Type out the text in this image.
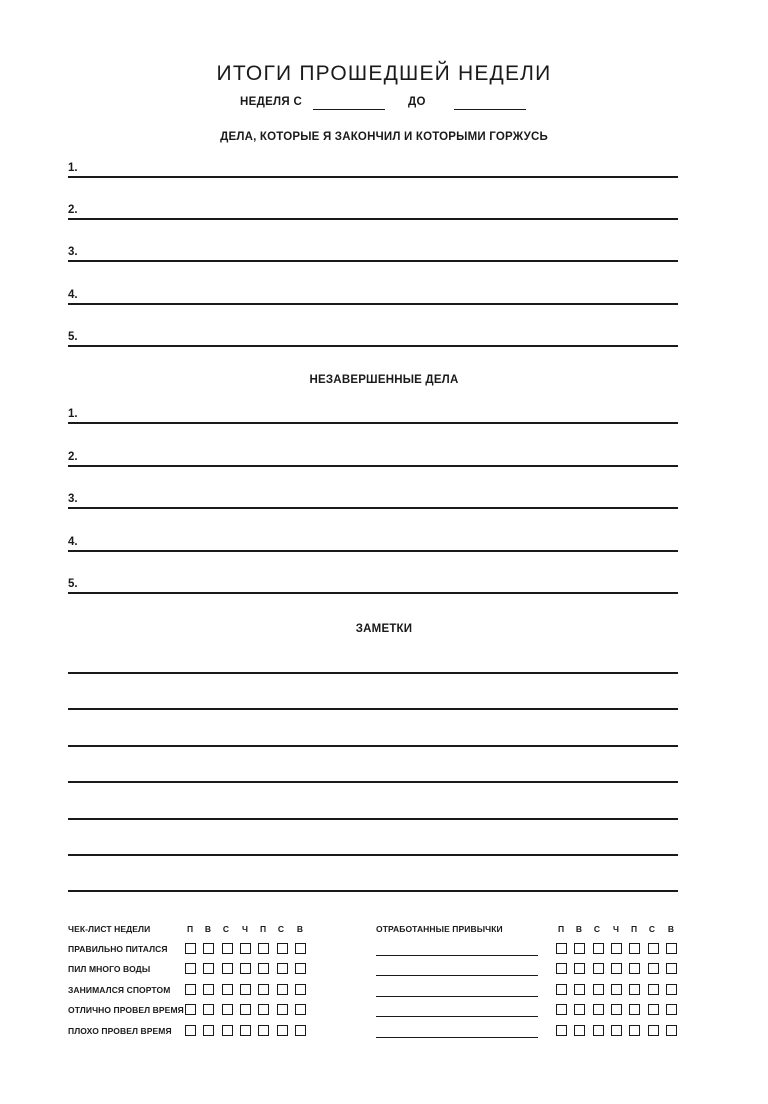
ИТОГИ ПРОШЕДШЕЙ НЕДЕЛИ
НЕДЕЛЯ С	ДО
ДЕЛА, КОТОРЫЕ Я ЗАКОНЧИЛ И КОТОРЫМИ ГОРЖУСЬ
1.
2.
3.
4.
5.
НЕЗАВЕРШЕННЫЕ ДЕЛА
1.
2.
3.
4.
5.
ЗАМЕТКИ
ЧЕК-ЛИСТ НЕДЕЛИ	П	В	С	Ч	П	С	В	ОТРАБОТАННЫЕ ПРИВЫЧКИ	П	В	С	Ч	П	С	В
ПРАВИЛЬНО ПИТАЛСЯ
ПИЛ МНОГО ВОДЫ
ЗАНИМАЛСЯ СПОРТОМ
ОТЛИЧНО ПРОВЕЛ ВРЕМЯ
ПЛОХО ПРОВЕЛ ВРЕМЯ
